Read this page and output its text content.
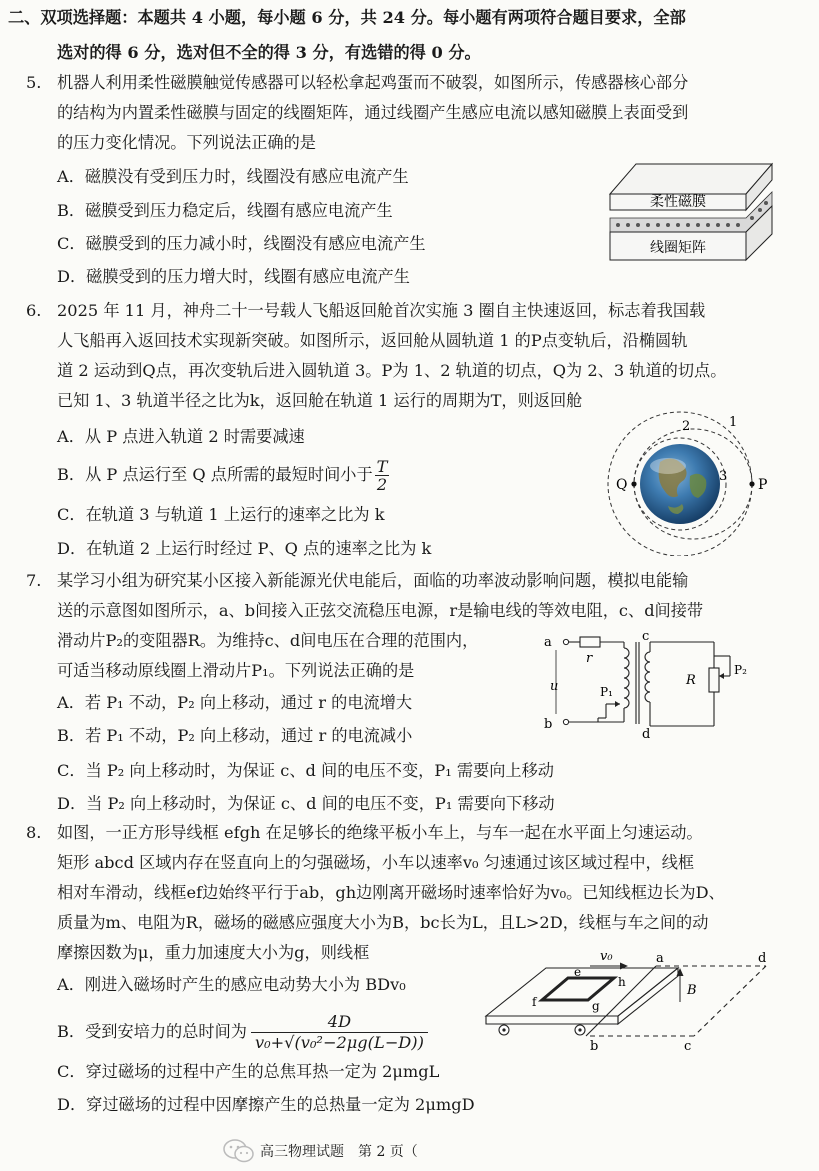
二、双项选择题：本题共 4 小题，每小题 6 分，共 24 分。每小题有两项符合题目要求，全部
选对的得 6 分，选对但不全的得 3 分，有选错的得 0 分。
5. 机器人利用柔性磁膜触觉传感器可以轻松拿起鸡蛋而不破裂，如图所示，传感器核心部分
的结构为内置柔性磁膜与固定的线圈矩阵，通过线圈产生感应电流以感知磁膜上表面受到
的压力变化情况。下列说法正确的是
A．磁膜没有受到压力时，线圈没有感应电流产生
B．磁膜受到压力稳定后，线圈有感应电流产生
C．磁膜受到的压力减小时，线圈没有感应电流产生
D．磁膜受到的压力增大时，线圈有感应电流产生
柔性磁膜
线圈矩阵
6. 2025 年 11 月，神舟二十一号载人飞船返回舱首次实施 3 圈自主快速返回，标志着我国载
人飞船再入返回技术实现新突破。如图所示，返回舱从圆轨道 1 的P点变轨后，沿椭圆轨
道 2 运动到Q点，再次变轨后进入圆轨道 3。P为 1、2 轨道的切点，Q为 2、3 轨道的切点。
已知 1、3 轨道半径之比为k，返回舱在轨道 1 运行的周期为T，则返回舱
A．从 P 点进入轨道 2 时需要减速
B．从 P 点运行至 Q 点所需的最短时间小于 $\frac{T}{2}$
C．在轨道 3 与轨道 1 上运行的速率之比为 k
D．在轨道 2 上运行时经过 P、Q 点的速率之比为 k
Q	P
1
2
3
7. 某学习小组为研究某小区接入新能源光伏电能后，面临的功率波动影响问题，模拟电能输
送的示意图如图所示，a、b间接入正弦交流稳压电源，r是输电线的等效电阻，c、d间接带
滑动片P₂的变阻器R。为维持c、d间电压在合理的范围内，
可适当移动原线圈上滑动片P₁。下列说法正确的是
A．若 P₁ 不动，P₂ 向上移动，通过 r 的电流增大
B．若 P₁ 不动，P₂ 向上移动，通过 r 的电流减小
C．当 P₂ 向上移动时，为保证 c、d 间的电压不变，P₁ 需要向上移动
D．当 P₂ 向上移动时，为保证 c、d 间的电压不变，P₁ 需要向下移动
a
b
u
r
P₁
c
d
R
P₂
8. 如图，一正方形导线框 efgh 在足够长的绝缘平板小车上，与车一起在水平面上匀速运动。
矩形 abcd 区域内存在竖直向上的匀强磁场，小车以速率v₀ 匀速通过该区域过程中，线框
相对车滑动，线框ef边始终平行于ab，gh边刚离开磁场时速率恰好为v₀。已知线框边长为D、
质量为m、电阻为R，磁场的磁感应强度大小为B，bc长为L，且L>2D，线框与车之间的动
摩擦因数为μ，重力加速度大小为g，则线框
A．刚进入磁场时产生的感应电动势大小为 BDv₀
B．受到安培力的总时间为 $\frac{4D}{\text{v₀+√(v₀²−2μg(L−D))}}$
C．穿过磁场的过程中产生的总焦耳热一定为 2μmgL
D．穿过磁场的过程中因摩擦产生的总热量一定为 2μmgD
v₀	a	d
b	c
e
f	g
h
B
高三物理试题　第 2 页（
